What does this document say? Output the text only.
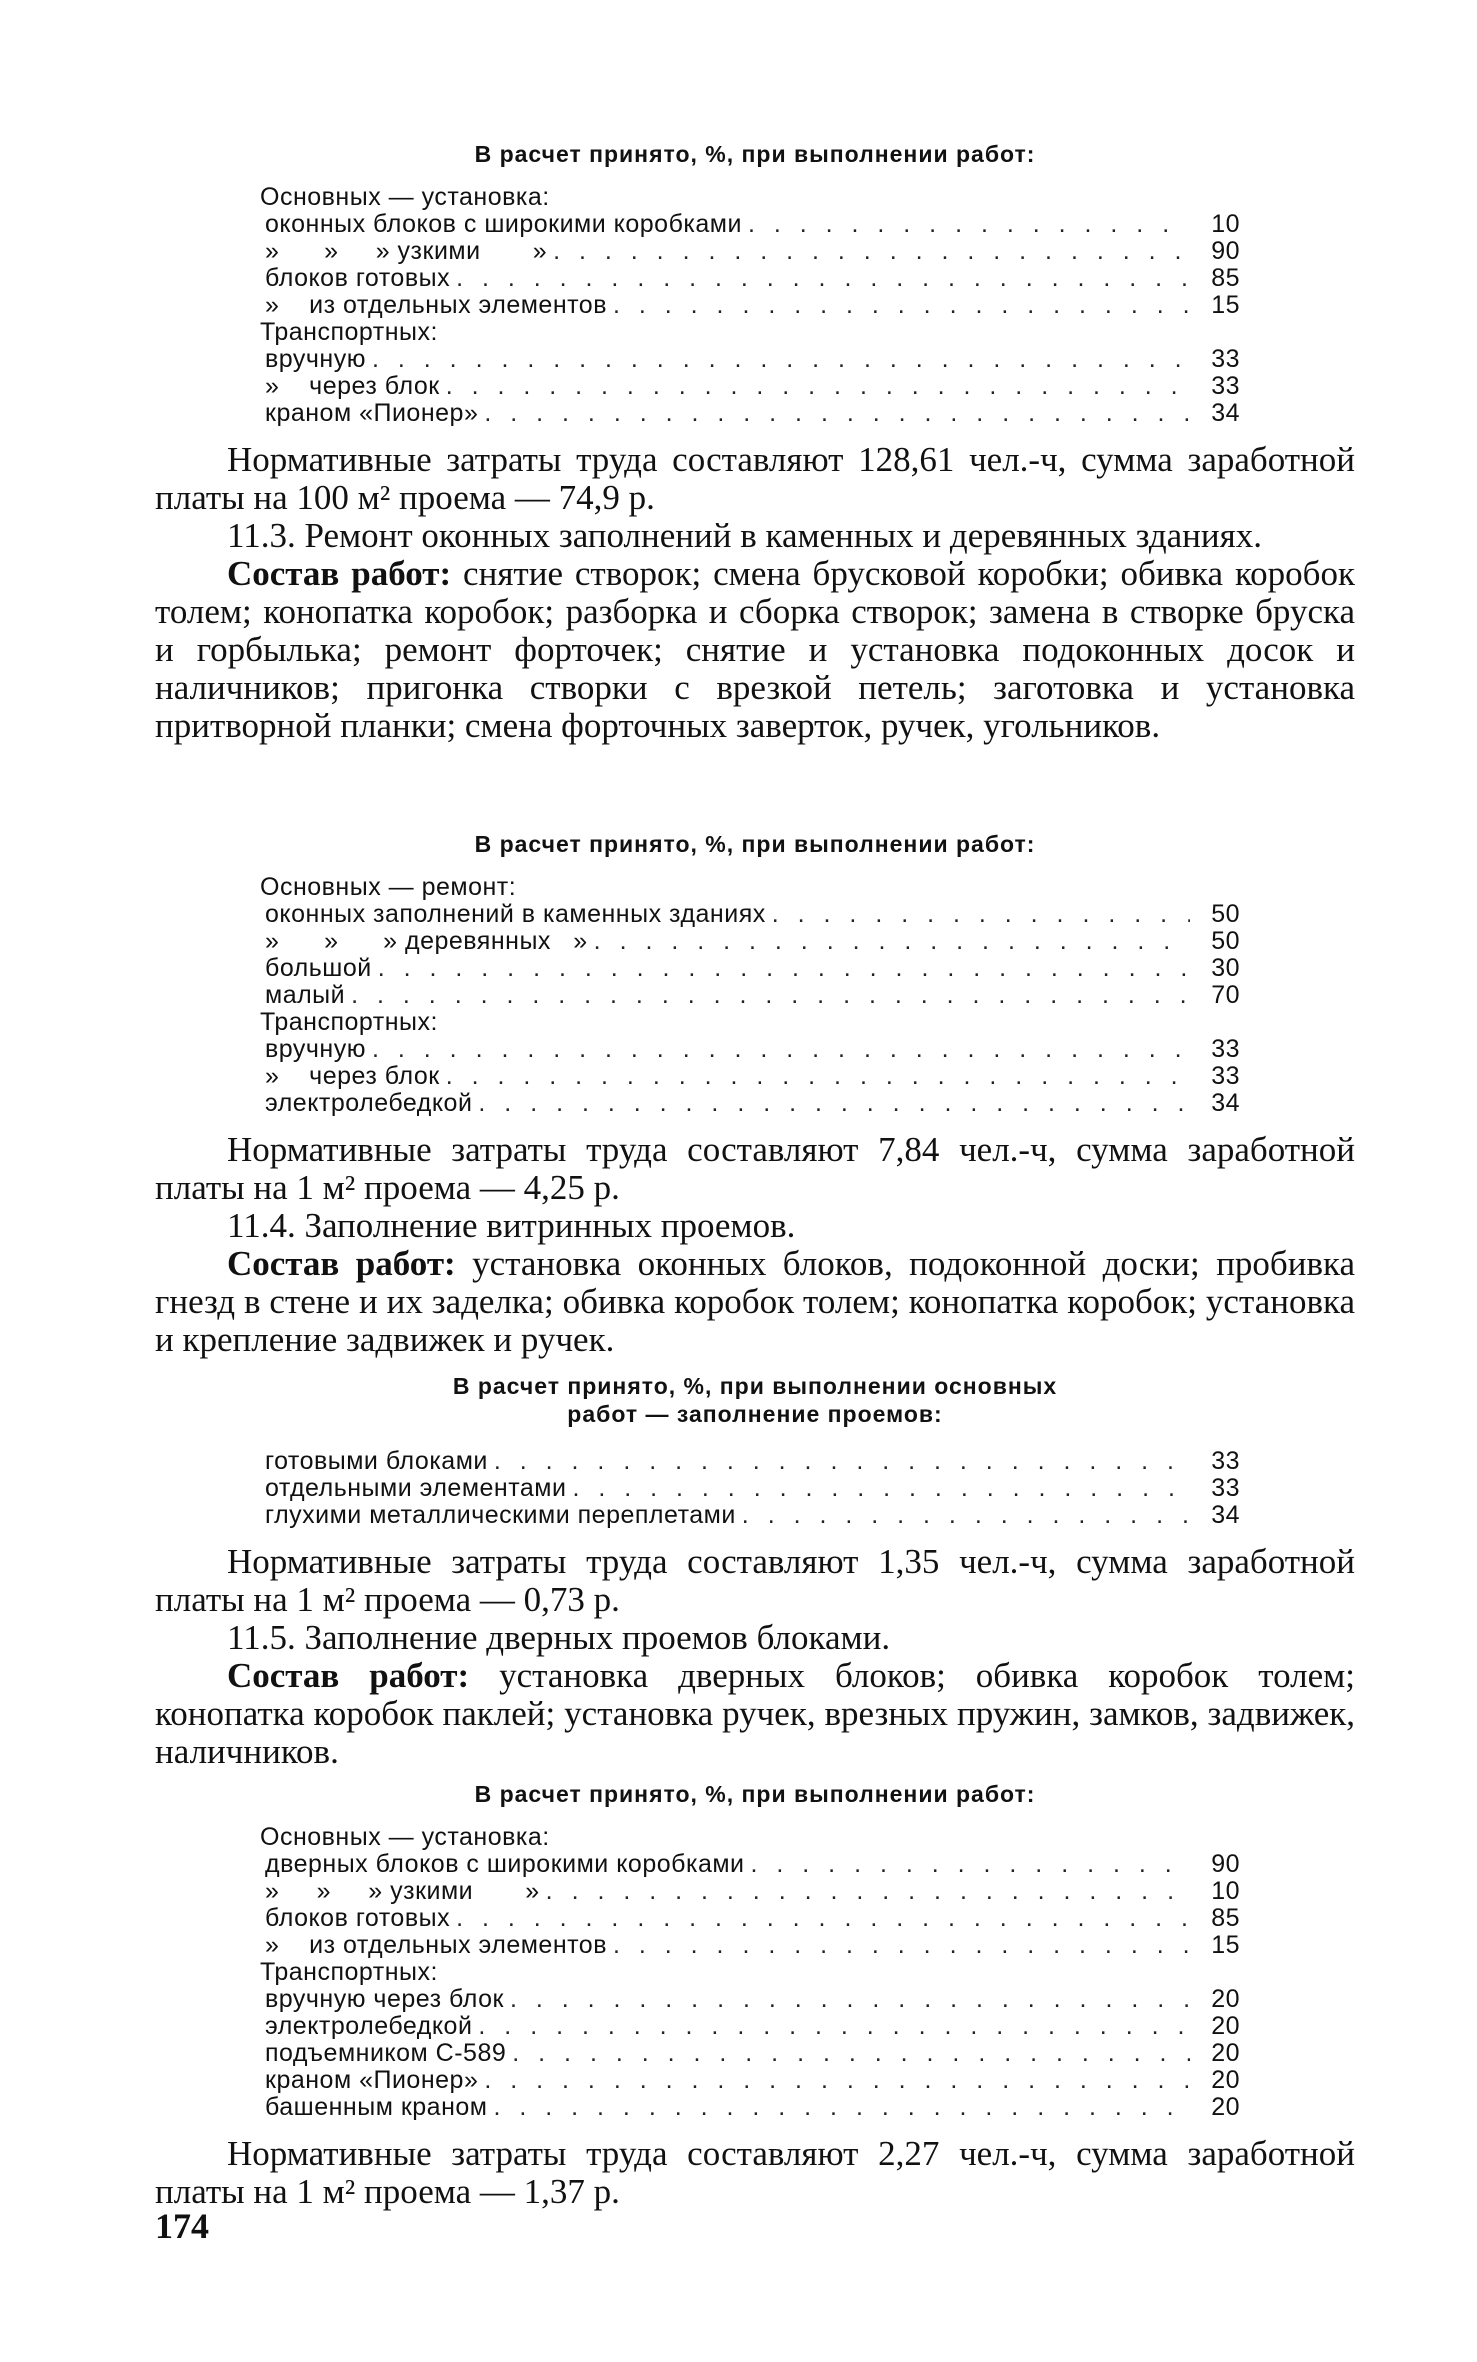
В расчет принято, %, при выполнении работ:

Основных — установка:
оконных блоков с широкими коробками . . .	10
»      »     » узкими       » . . .	90
блоков готовых . . .	85
»    из отдельных элементов . . .	15
Транспортных:
вручную . . .	33
»    через блок . . .	33
краном «Пионер» . . .	34

Нормативные затраты труда составляют 128,61 чел.-ч, сумма заработной платы на 100 м² проема — 74,9 р.

11.3. Ремонт оконных заполнений в каменных и деревянных зданиях.

Состав работ: снятие створок; смена брусковой коробки; обивка коробок толем; конопатка коробок; разборка и сборка створок; замена в створке бруска и горбылька; ремонт форточек; снятие и установка подоконных досок и наличников; пригонка створки с врезкой петель; заготовка и установка притворной планки; смена форточных заверток, ручек, угольников.

В расчет принято, %, при выполнении работ:

Основных — ремонт:
оконных заполнений в каменных зданиях . . .	50
»      »      » деревянных   » . . .	50
большой . . .	30
малый . . .	70
Транспортных:
вручную . . .	33
»    через блок . . .	33
электролебедкой . . .	34

Нормативные затраты труда составляют 7,84 чел.-ч, сумма заработной платы на 1 м² проема — 4,25 р.

11.4. Заполнение витринных проемов.

Состав работ: установка оконных блоков, подоконной доски; пробивка гнезд в стене и их заделка; обивка коробок толем; конопатка коробок; установка и крепление задвижек и ручек.

В расчет принято, %, при выполнении основных работ — заполнение проемов:

готовыми блоками . . .	33
отдельными элементами . . .	33
глухими металлическими переплетами . . .	34

Нормативные затраты труда составляют 1,35 чел.-ч, сумма заработной платы на 1 м² проема — 0,73 р.

11.5. Заполнение дверных проемов блоками.

Состав работ: установка дверных блоков; обивка коробок толем; конопатка коробок паклей; установка ручек, врезных пружин, замков, задвижек, наличников.

В расчет принято, %, при выполнении работ:

Основных — установка:
дверных блоков с широкими коробками . . .	90
»     »     » узкими       » . . .	10
блоков готовых . . .	85
»    из отдельных элементов . . .	15
Транспортных:
вручную через блок . . .	20
электролебедкой . . .	20
подъемником С-589 . . .	20
краном «Пионер» . . .	20
башенным краном . . .	20

Нормативные затраты труда составляют 2,27 чел.-ч, сумма заработной платы на 1 м² проема — 1,37 р.

174
